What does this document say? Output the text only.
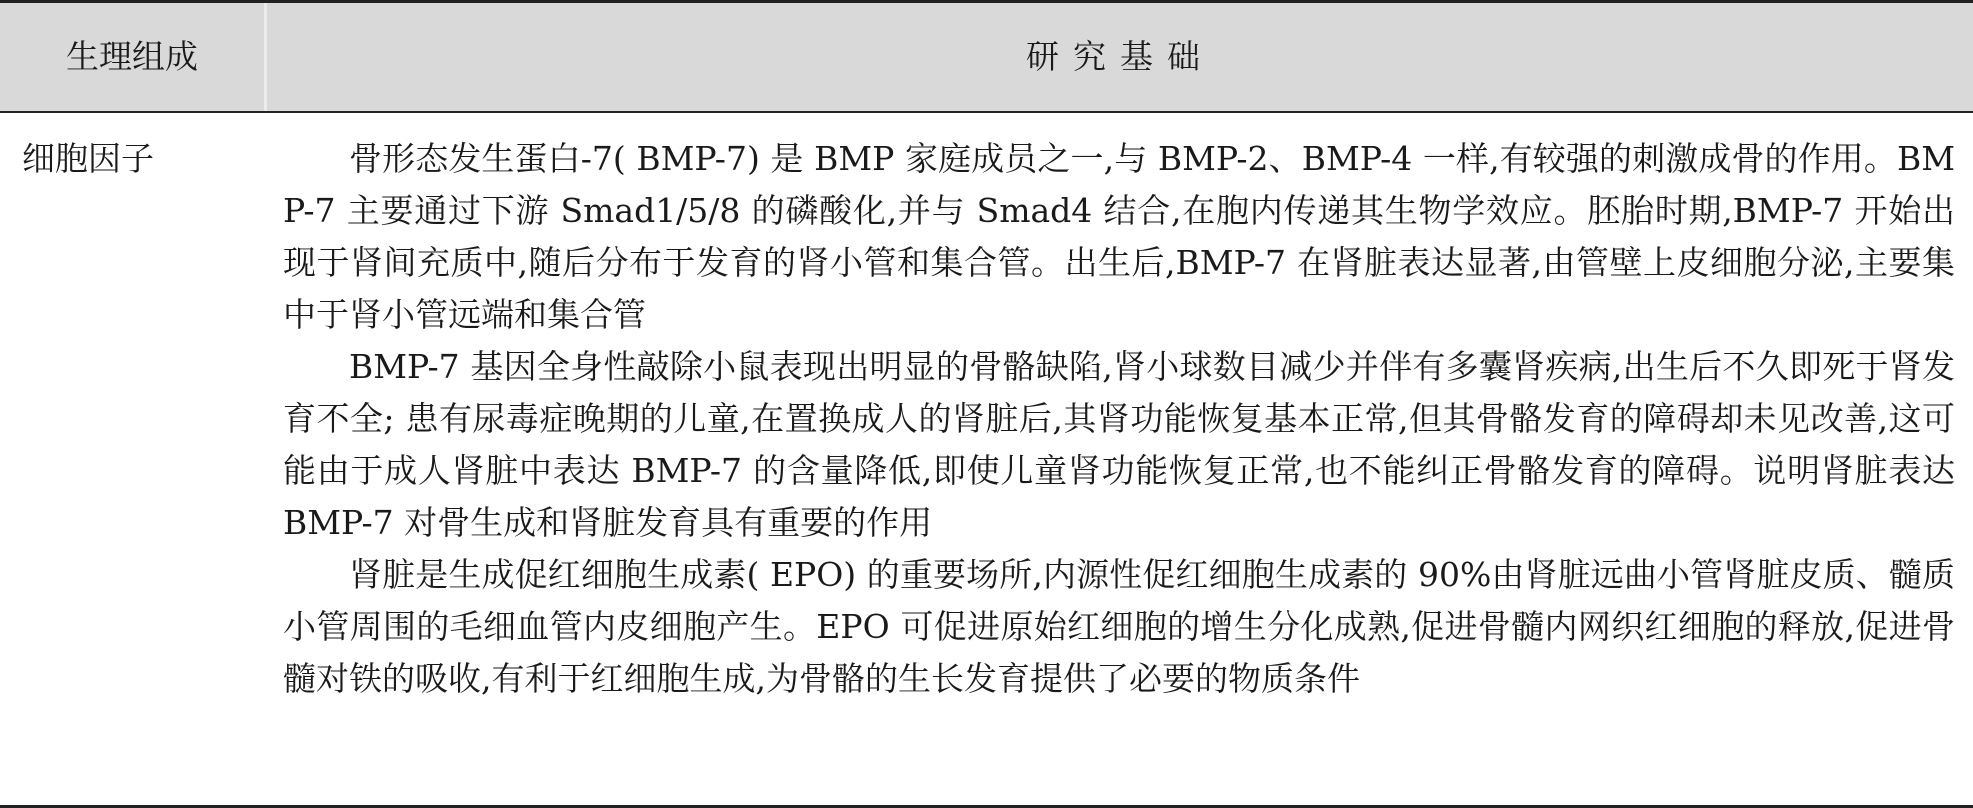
生理组成	研究基础
细胞因子	骨形态发生蛋白-7( BMP-7) 是 BMP 家庭成员之一,与 BMP-2、BMP-4 一样,有较强的刺激成骨的作用。BMP-7 主要通过下游 Smad1/5/8 的磷酸化,并与 Smad4 结合,在胞内传递其生物学效应。胚胎时期,BMP-7 开始出现于肾间充质中,随后分布于发育的肾小管和集合管。出生后,BMP-7 在肾脏表达显著,由管壁上皮细胞分泌,主要集中于肾小管远端和集合管

BMP-7 基因全身性敲除小鼠表现出明显的骨骼缺陷,肾小球数目减少并伴有多囊肾疾病,出生后不久即死于肾发育不全; 患有尿毒症晚期的儿童,在置换成人的肾脏后,其肾功能恢复基本正常,但其骨骼发育的障碍却未见改善,这可能由于成人肾脏中表达 BMP-7 的含量降低,即使儿童肾功能恢复正常,也不能纠正骨骼发育的障碍。说明肾脏表达 BMP-7 对骨生成和肾脏发育具有重要的作用

肾脏是生成促红细胞生成素( EPO) 的重要场所,内源性促红细胞生成素的 90%由肾脏远曲小管肾脏皮质、髓质小管周围的毛细血管内皮细胞产生。EPO 可促进原始红细胞的增生分化成熟,促进骨髓内网织红细胞的释放,促进骨髓对铁的吸收,有利于红细胞生成,为骨骼的生长发育提供了必要的物质条件
